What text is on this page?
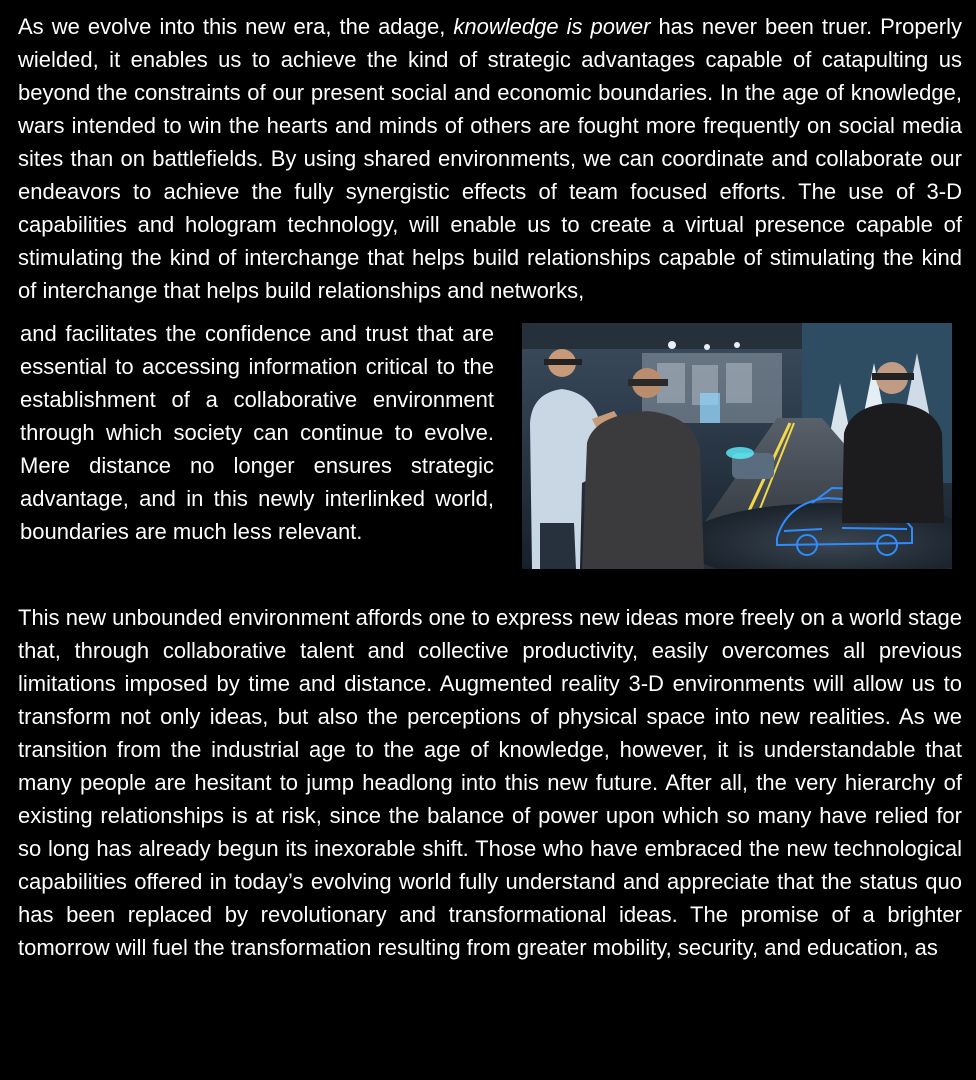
As we evolve into this new era, the adage, knowledge is power has never been truer. Properly wielded, it enables us to achieve the kind of strategic advantages capable of catapulting us beyond the constraints of our present social and economic boundaries. In the age of knowledge, wars intended to win the hearts and minds of others are fought more frequently on social media sites than on battlefields. By using shared environments, we can coordinate and collaborate our endeavors to achieve the fully synergistic effects of team focused efforts. The use of 3-D capabilities and hologram technology, will enable us to create a virtual presence capable of stimulating the kind of interchange that helps build relationships capable of stimulating the kind of interchange that helps build relationships and networks,

and facilitates the confidence and trust that are essential to accessing information critical to the establishment of a collaborative environment through which society can continue to evolve. Mere distance no longer ensures strategic advantage, and in this newly interlinked world, boundaries are much less relevant.

This new unbounded environment affords one to express new ideas more freely on a world stage that, through collaborative talent and collective productivity, easily overcomes all previous limitations imposed by time and distance. Augmented reality 3-D environments will allow us to transform not only ideas, but also the perceptions of physical space into new realities. As we transition from the industrial age to the age of knowledge, however, it is understandable that many people are hesitant to jump headlong into this new future. After all, the very hierarchy of existing relationships is at risk, since the balance of power upon which so many have relied for so long has already begun its inexorable shift. Those who have embraced the new technological capabilities offered in today’s evolving world fully understand and appreciate that the status quo has been replaced by revolutionary and transformational ideas. The promise of a brighter tomorrow will fuel the transformation resulting from greater mobility, security, and education, as
